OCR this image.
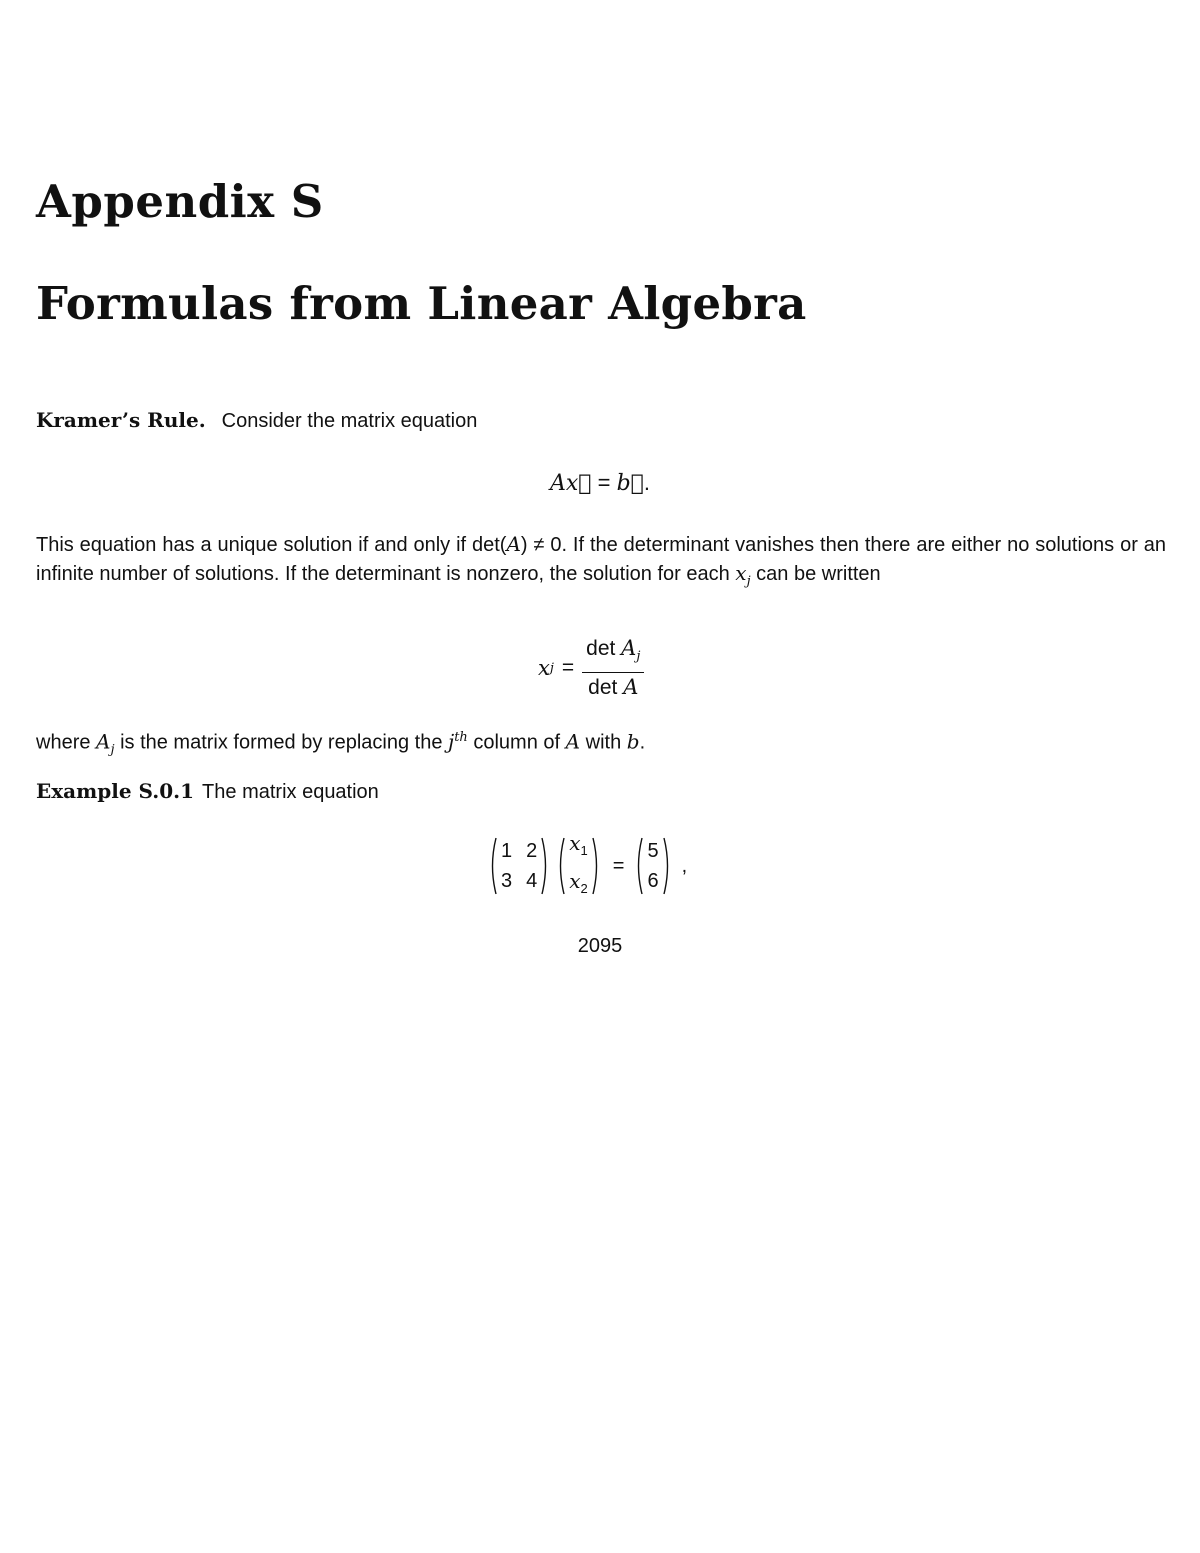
Appendix S
Formulas from Linear Algebra

Kramer’s Rule. Consider the matrix equation

Ax⃗ = b⃗.

This equation has a unique solution if and only if det(A) ≠ 0. If the determinant vanishes then there are either no solutions or an infinite number of solutions. If the determinant is nonzero, the solution for each $x_j$ can be written

x $j = \frac{\det A_j}{\text{det A}}$

where $A_j$ is the matrix formed by replacing the $j^{th}$ column of A with b.

Example S.0.1 The matrix equation

1 2
3 4
$x_1$
$x_2$
=
5
6
,
2095
